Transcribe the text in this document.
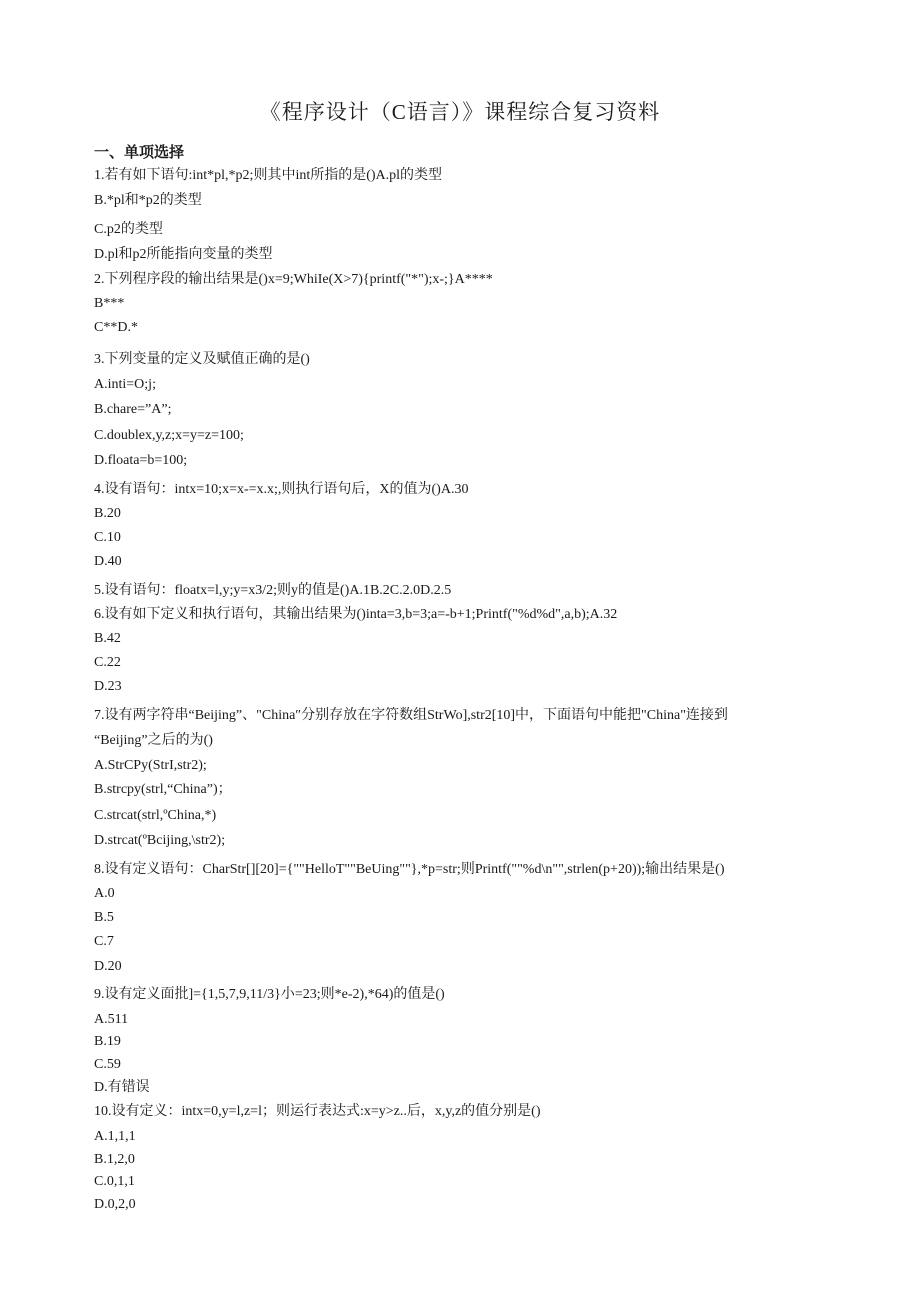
《程序设计（C语言）》课程综合复习资料
一、单项选择
1.若有如下语句:int*pl,*p2;则其中int所指的是()A.pl的类型
B.*pl和*p2的类型
C.p2的类型
D.pl和p2所能指向变量的类型
2.下列程序段的输出结果是()x=9;WhiIe(X>7){printf("*");x-;}A****
B***
C**D.*
3.下列变量的定义及赋值正确的是()
A.inti=O;j;
B.chare=”A”;
C.doublex,y,z;x=y=z=100;
D.floata=b=100;
4.设有语句：intx=10;x=x-=x.x;,则执行语句后，X的值为()A.30
B.20
C.10
D.40
5.设有语句：floatx=l,y;y=x3/2;则y的值是()A.1B.2C.2.0D.2.5
6.设有如下定义和执行语句，其输出结果为()inta=3,b=3;a=-b+1;Printf("%d%d",a,b);A.32
B.42
C.22
D.23
7.设有两字符串“Beijing”、"China″分别存放在字符数组StrWo],str2[10]中，下面语句中能把"China"连接到
“Beijing”之后的为()
A.StrCPy(StrI,str2);
B.strcpy(strl,“China”)；
C.strcat(strl,ºChina,*)
D.strcat(ºBcijing,\str2);
8.设有定义语句：CharStr[][20]={""HelloT""BeUing""},*p=str;则Printf(""%d\n"",strlen(p+20));输出结果是()
A.0
B.5
C.7
D.20
9.设有定义面批]={1,5,7,9,11/3}小=23;则*e-2),*64)的值是()
A.511
B.19
C.59
D.有错误
10.设有定义：intx=0,y=l,z=l；则运行表达式:x=y>z..后，x,y,z的值分别是()
A.1,1,1
B.1,2,0
C.0,1,1
D.0,2,0
